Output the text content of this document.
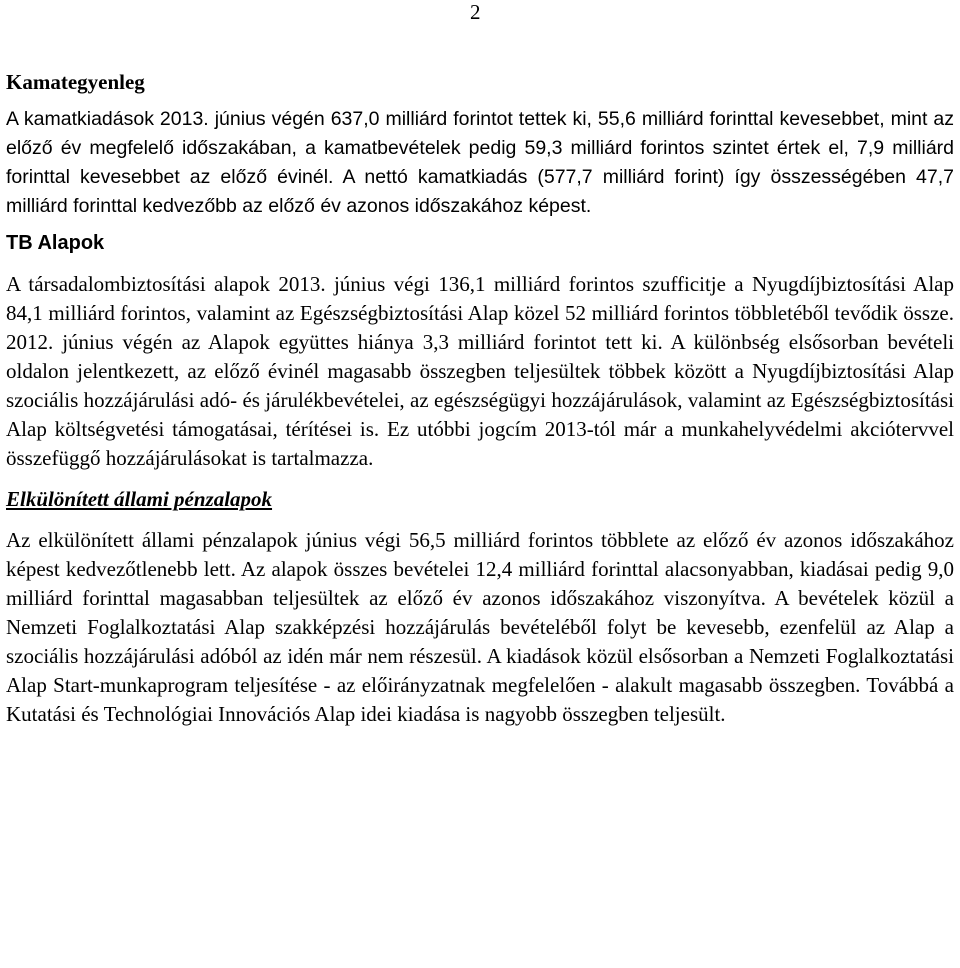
2
Kamategyenleg

A kamatkiadások 2013. június végén 637,0 milliárd forintot tettek ki, 55,6 milliárd forinttal kevesebbet, mint az előző év megfelelő időszakában, a kamatbevételek pedig 59,3 milliárd forintos szintet értek el, 7,9 milliárd forinttal kevesebbet az előző évinél. A nettó kamatkiadás (577,7 milliárd forint) így összességében 47,7 milliárd forinttal kedvezőbb az előző év azonos időszakához képest.

TB Alapok

A társadalombiztosítási alapok 2013. június végi 136,1 milliárd forintos szufficitje a Nyugdíjbiztosítási Alap 84,1 milliárd forintos, valamint az Egészségbiztosítási Alap közel 52 milliárd forintos többletéből tevődik össze. 2012. június végén az Alapok együttes hiánya 3,3 milliárd forintot tett ki. A különbség elsősorban bevételi oldalon jelentkezett, az előző évinél magasabb összegben teljesültek többek között a Nyugdíjbiztosítási Alap szociális hozzájárulási adó- és járulékbevételei, az egészségügyi hozzájárulások, valamint az Egészségbiztosítási Alap költségvetési támogatásai, térítései is. Ez utóbbi jogcím 2013-tól már a munkahelyvédelmi akciótervvel összefüggő hozzájárulásokat is tartalmazza.

Elkülönített állami pénzalapok

Az elkülönített állami pénzalapok június végi 56,5 milliárd forintos többlete az előző év azonos időszakához képest kedvezőtlenebb lett. Az alapok összes bevételei 12,4 milliárd forinttal alacsonyabban, kiadásai pedig 9,0 milliárd forinttal magasabban teljesültek az előző év azonos időszakához viszonyítva. A bevételek közül a Nemzeti Foglalkoztatási Alap szakképzési hozzájárulás bevételéből folyt be kevesebb, ezenfelül az Alap a szociális hozzájárulási adóból az idén már nem részesül. A kiadások közül elsősorban a Nemzeti Foglalkoztatási Alap Start-munkaprogram teljesítése - az előirányzatnak megfelelően - alakult magasabb összegben. Továbbá a Kutatási és Technológiai Innovációs Alap idei kiadása is nagyobb összegben teljesült.
